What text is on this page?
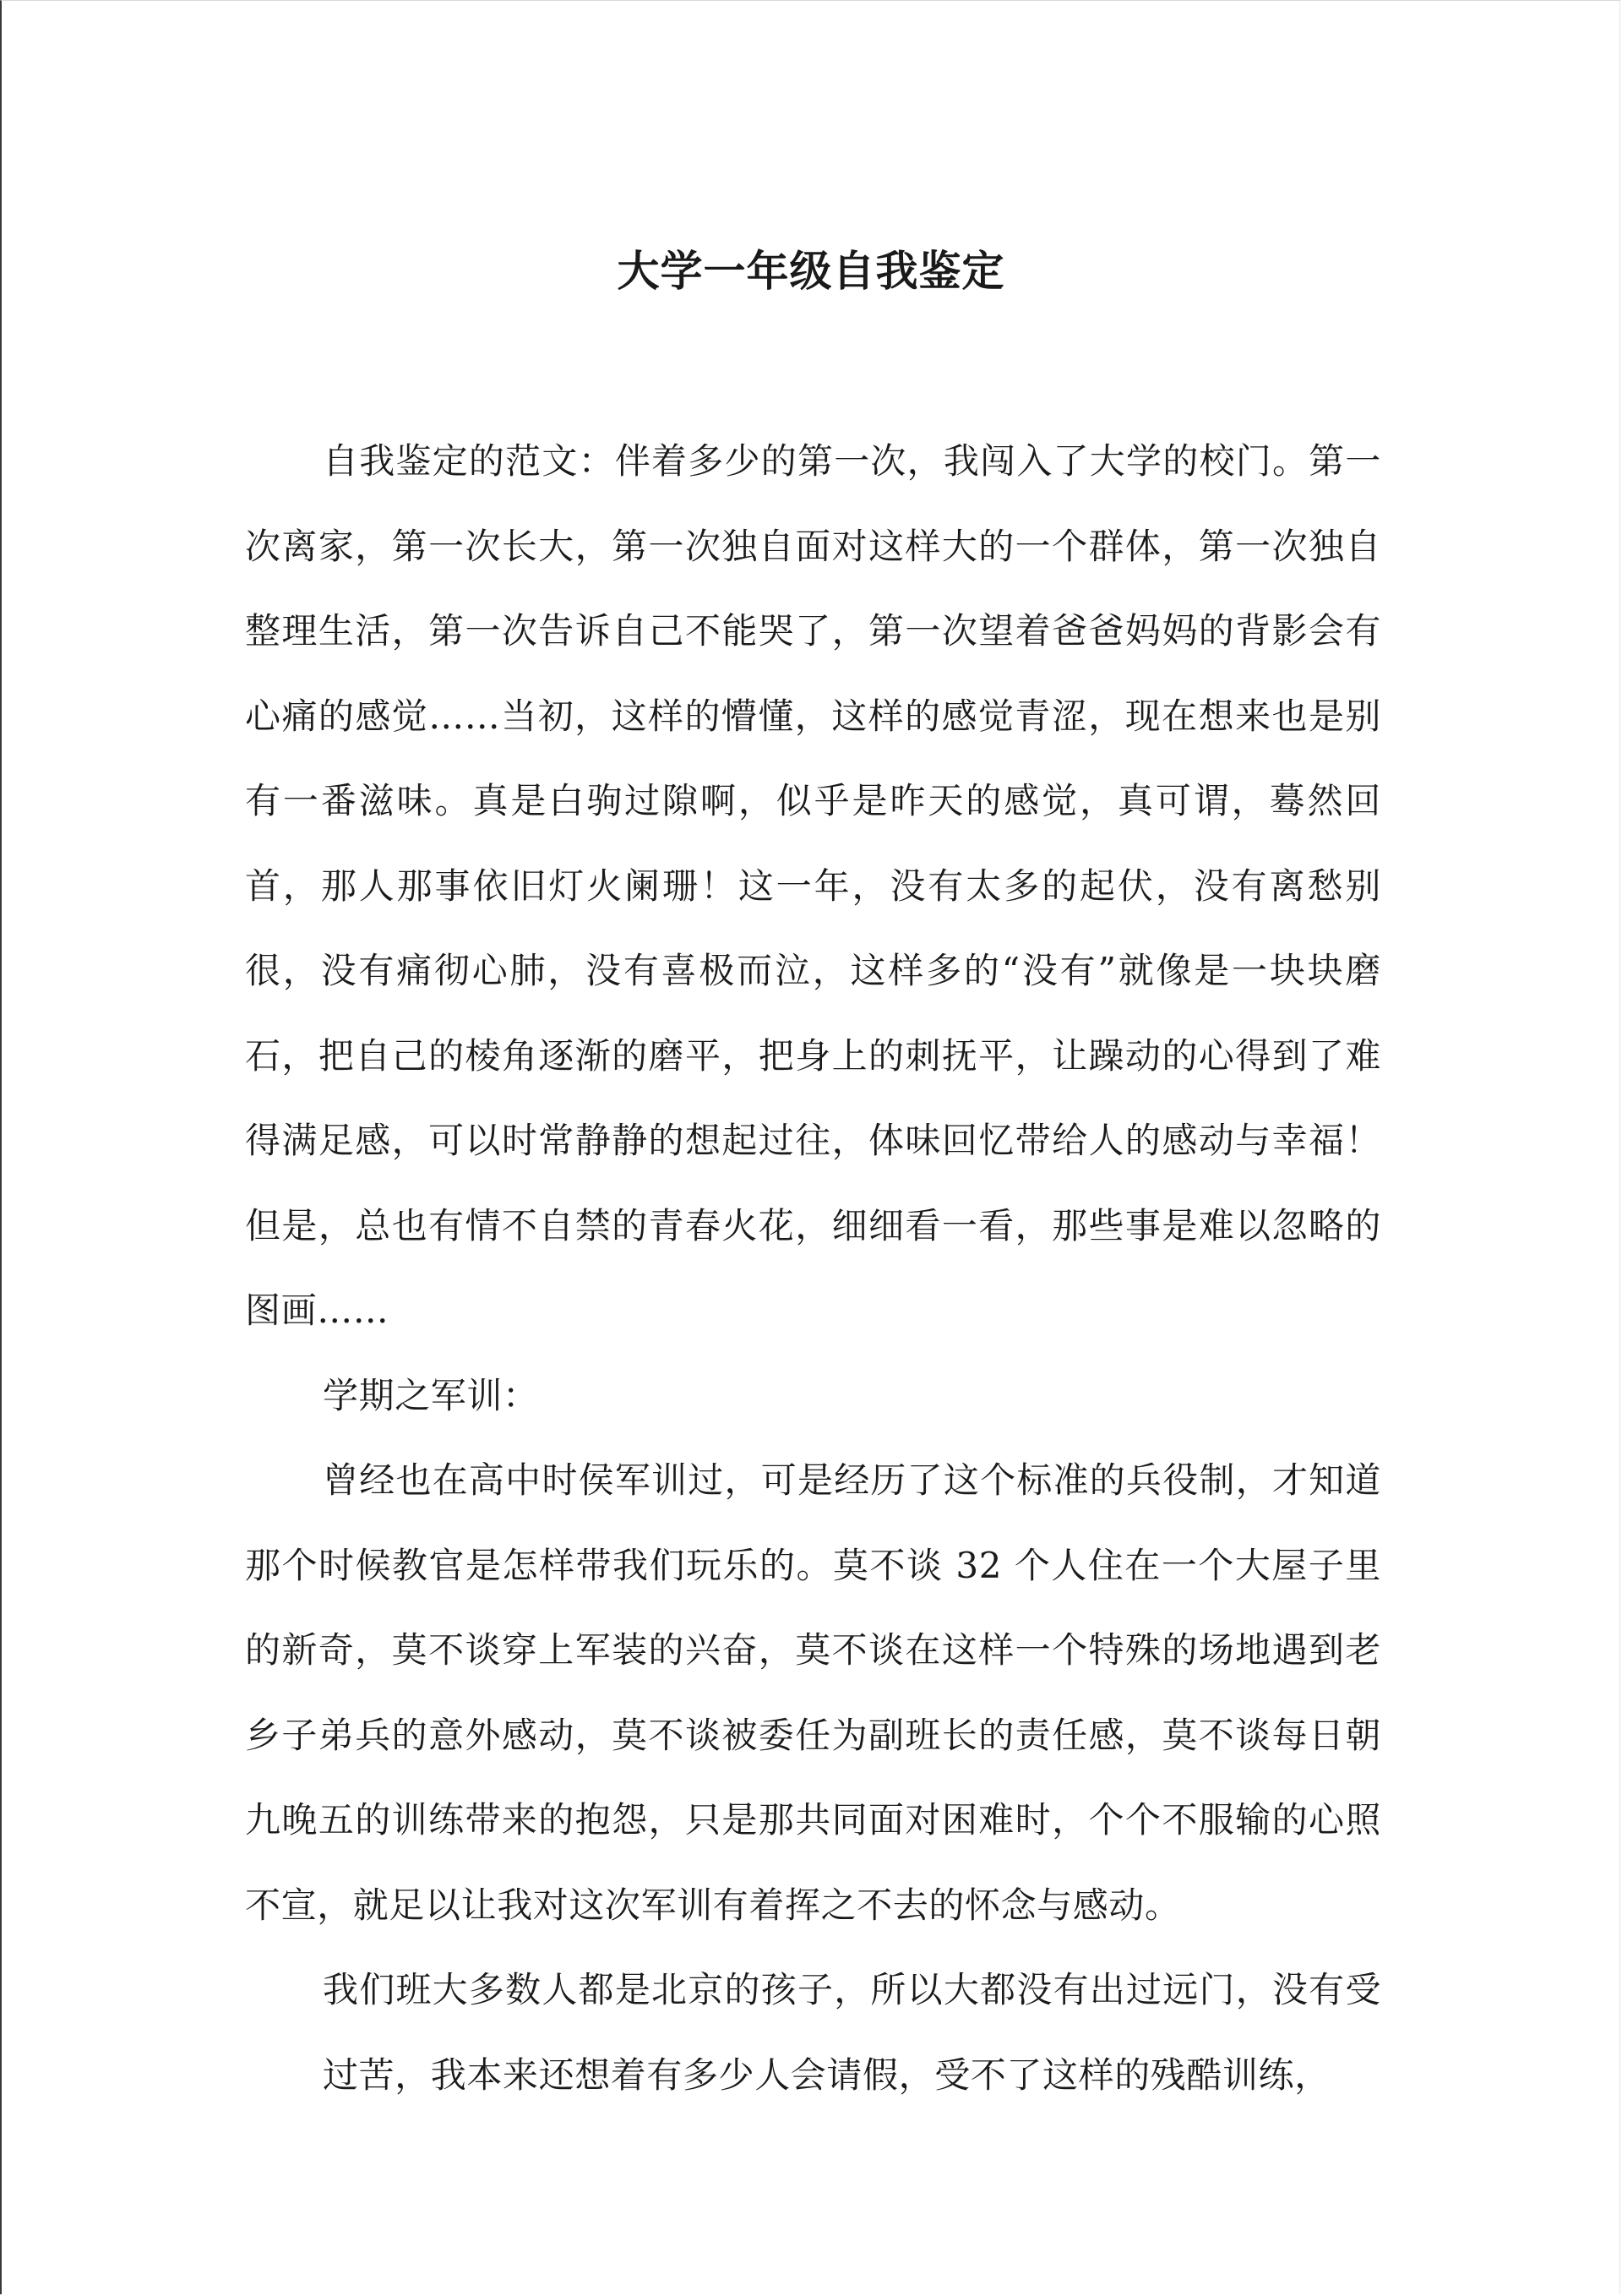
大学一年级自我鉴定

自我鉴定的范文：伴着多少的第一次，我闯入了大学的校门。第一次离家，第一次长大，第一次独自面对这样大的一个群体，第一次独自整理生活，第一次告诉自己不能哭了，第一次望着爸爸妈妈的背影会有心痛的感觉……当初，这样的懵懂，这样的感觉青涩，现在想来也是别有一番滋味。真是白驹过隙啊，似乎是昨天的感觉，真可谓，蓦然回首，那人那事依旧灯火阑珊！这一年，没有太多的起伏，没有离愁别很，没有痛彻心肺，没有喜极而泣，这样多的“没有”就像是一块块磨石，把自己的棱角逐渐的磨平，把身上的刺抚平，让躁动的心得到了难得满足感，可以时常静静的想起过往，体味回忆带给人的感动与幸福！但是，总也有情不自禁的青春火花，细细看一看，那些事是难以忽略的图画……

学期之军训：

曾经也在高中时侯军训过，可是经历了这个标准的兵役制，才知道那个时候教官是怎样带我们玩乐的。莫不谈 32 个人住在一个大屋子里的新奇，莫不谈穿上军装的兴奋，莫不谈在这样一个特殊的场地遇到老乡子弟兵的意外感动，莫不谈被委任为副班长的责任感，莫不谈每日朝九晚五的训练带来的抱怨，只是那共同面对困难时，个个不服输的心照不宣，就足以让我对这次军训有着挥之不去的怀念与感动。

我们班大多数人都是北京的孩子，所以大都没有出过远门，没有受过苦，我本来还想着有多少人会请假，受不了这样的残酷训练，
